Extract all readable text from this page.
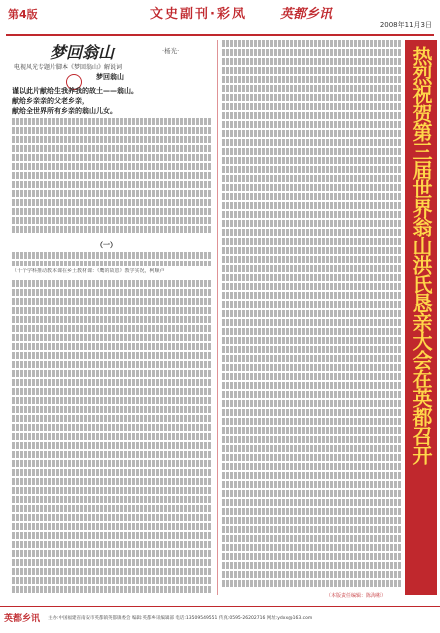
第4版	文史副刊·彩凤	英都乡讯
2008年11月3日
梦回翁山	·杨光·
电视风光专题片脚本《梦回翁山》解说词
梦回翁山
谨以此片献给生我养我的故土——翁山。
献给乡亲亲的父老乡亲，
献给全世界所有乡亲的翁山儿女。
（一）
（十个学科推动教本课在乡土教材课：《鹰的故恩》教学实况，柯顺卢	热烈祝贺第三届世界翁山洪氏恳亲大会在英都召开
（本版责任编辑：陈海彬）
英都乡讯 主办:中国福建省南安市英都镇英都镇委会 编辑:英都乡讯编辑部 电话:13509549551 传真:0595-26202716 网址:ydxx@163.com
